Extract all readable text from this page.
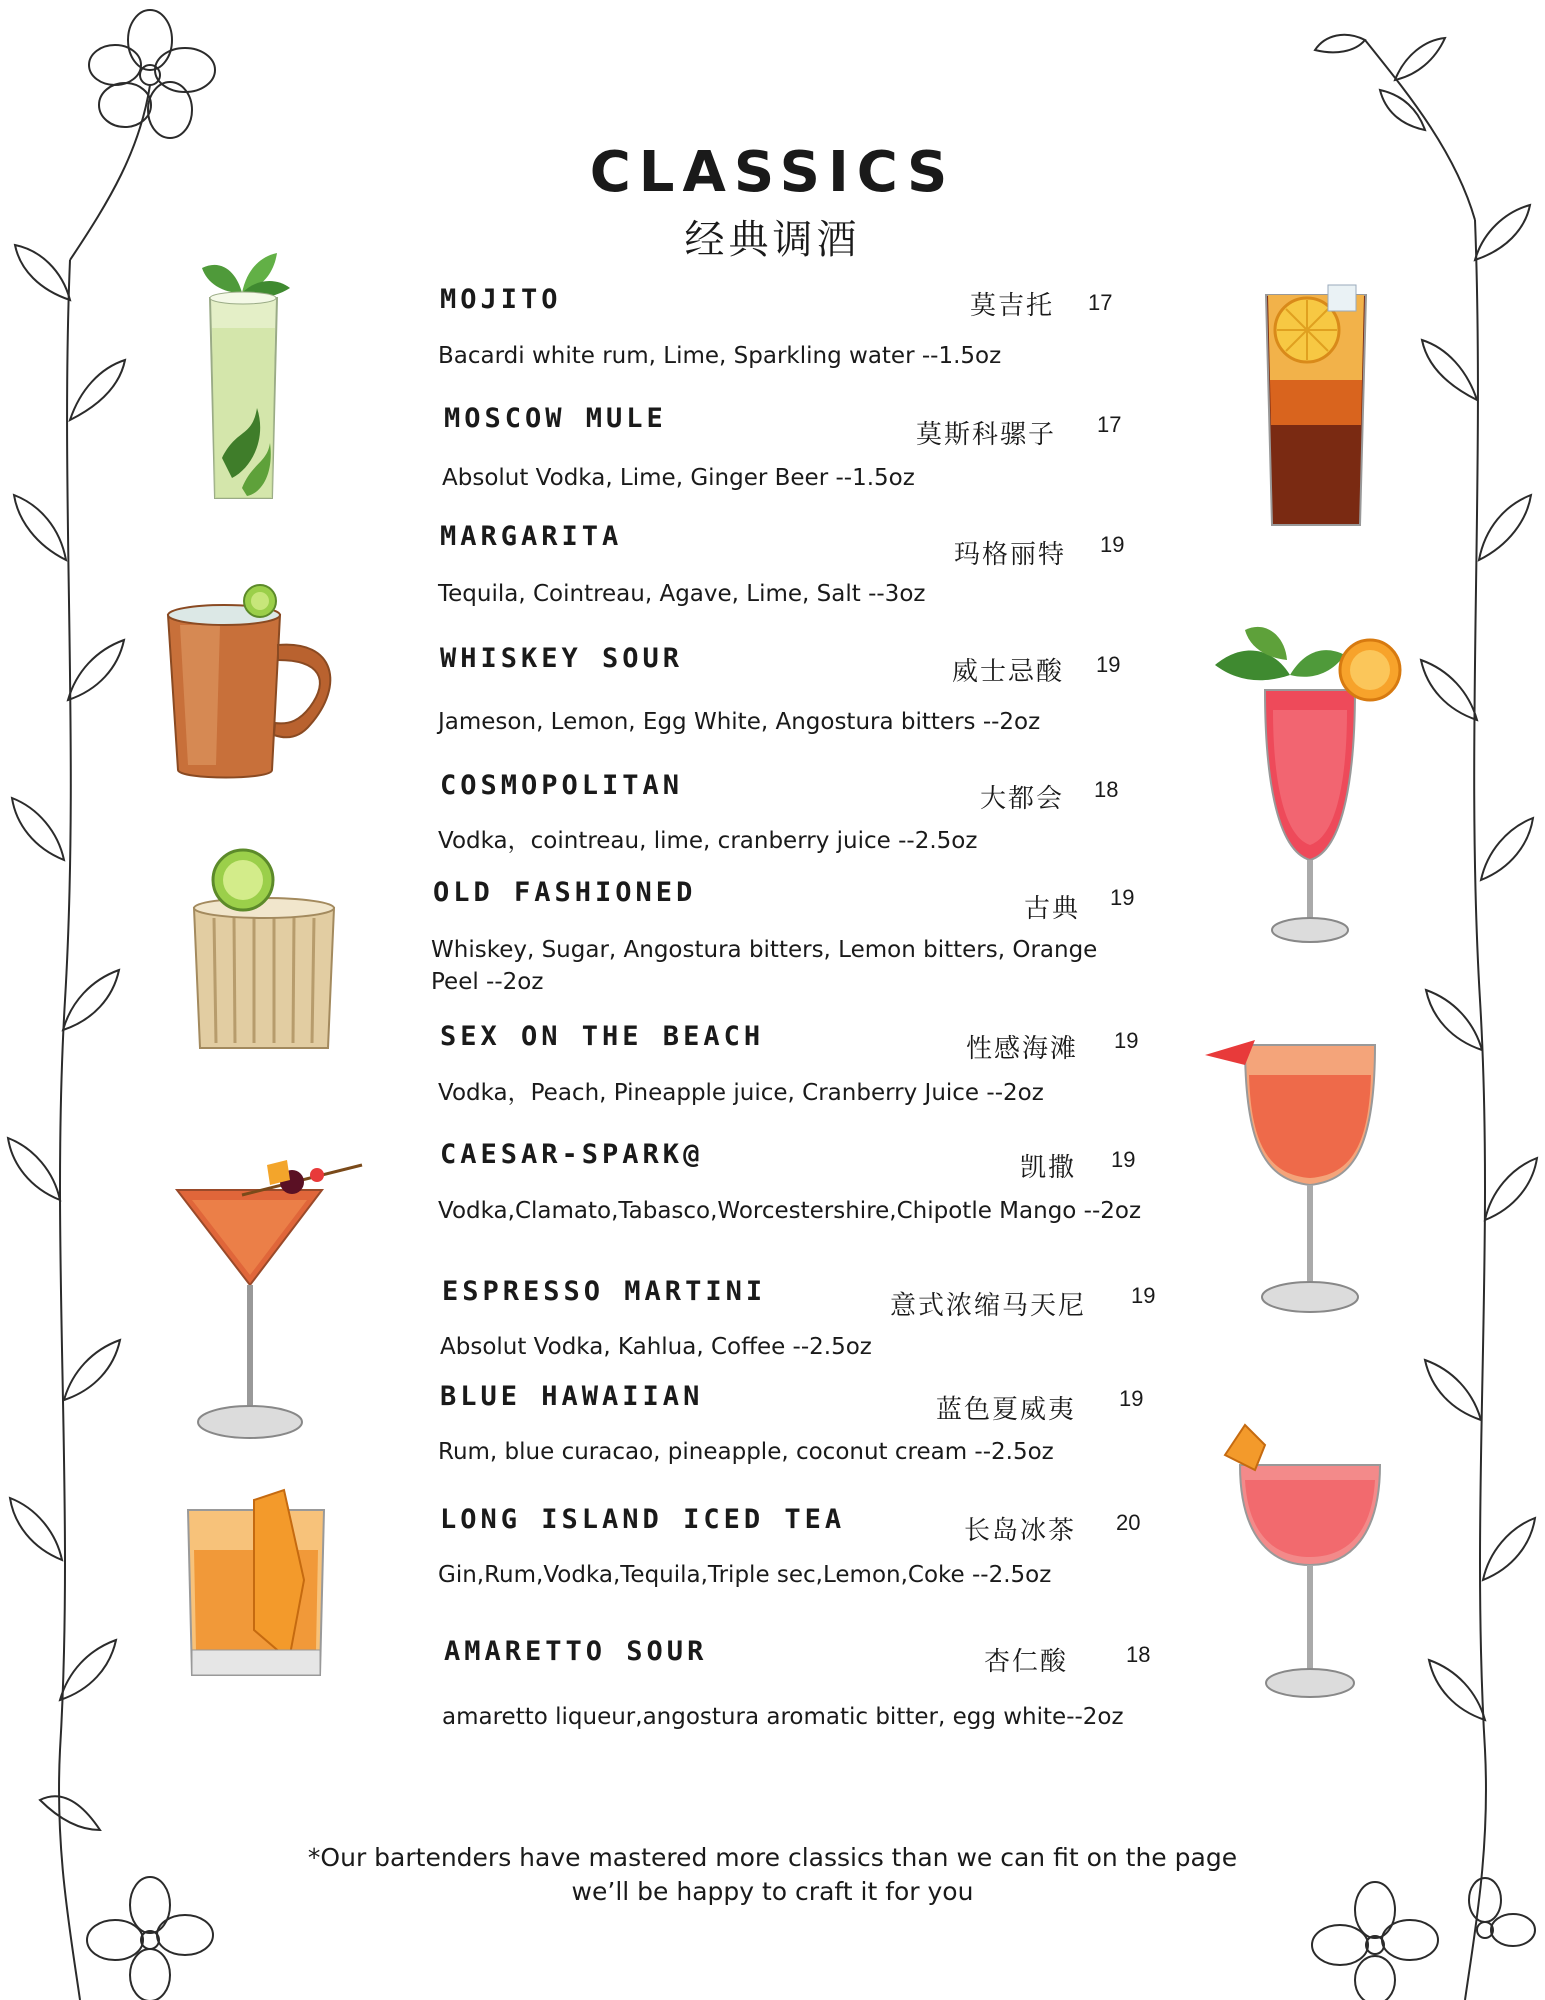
CLASSICS
经典调酒
MOJITO	莫吉托 17
Bacardi white rum, Lime, Sparkling water --1.5oz
MOSCOW MULE
莫斯科骡子 17
Absolut Vodka, Lime, Ginger Beer --1.5oz
MARGARITA
玛格丽特 19
Tequila, Cointreau, Agave, Lime, Salt --3oz
WHISKEY SOUR	威士忌酸 19
Jameson, Lemon, Egg White, Angostura bitters --2oz
COSMOPOLITAN	大都会 18
Vodka，cointreau, lime, cranberry juice --2.5oz
OLD FASHIONED
古典 19
Whiskey, Sugar, Angostura bitters, Lemon bitters, Orange Peel --2oz
SEX ON THE BEACH	性感海滩 19
Vodka，Peach, Pineapple juice, Cranberry Juice --2oz
CAESAR-SPARK@	凯撒 19
Vodka,Clamato,Tabasco,Worcestershire,Chipotle Mango --2oz
ESPRESSO MARTINI	意式浓缩马天尼 19
Absolut Vodka, Kahlua, Coffee --2.5oz
BLUE HAWAIIAN	蓝色夏威夷 19
Rum, blue curacao, pineapple, coconut cream --2.5oz
LONG ISLAND ICED TEA	长岛冰茶 20
Gin,Rum,Vodka,Tequila,Triple sec,Lemon,Coke --2.5oz
AMARETTO SOUR	杏仁酸	18
amaretto liqueur,angostura aromatic bitter, egg white--2oz
*Our bartenders have mastered more classics than we can fit on the page
we’ll be happy to craft it for you
